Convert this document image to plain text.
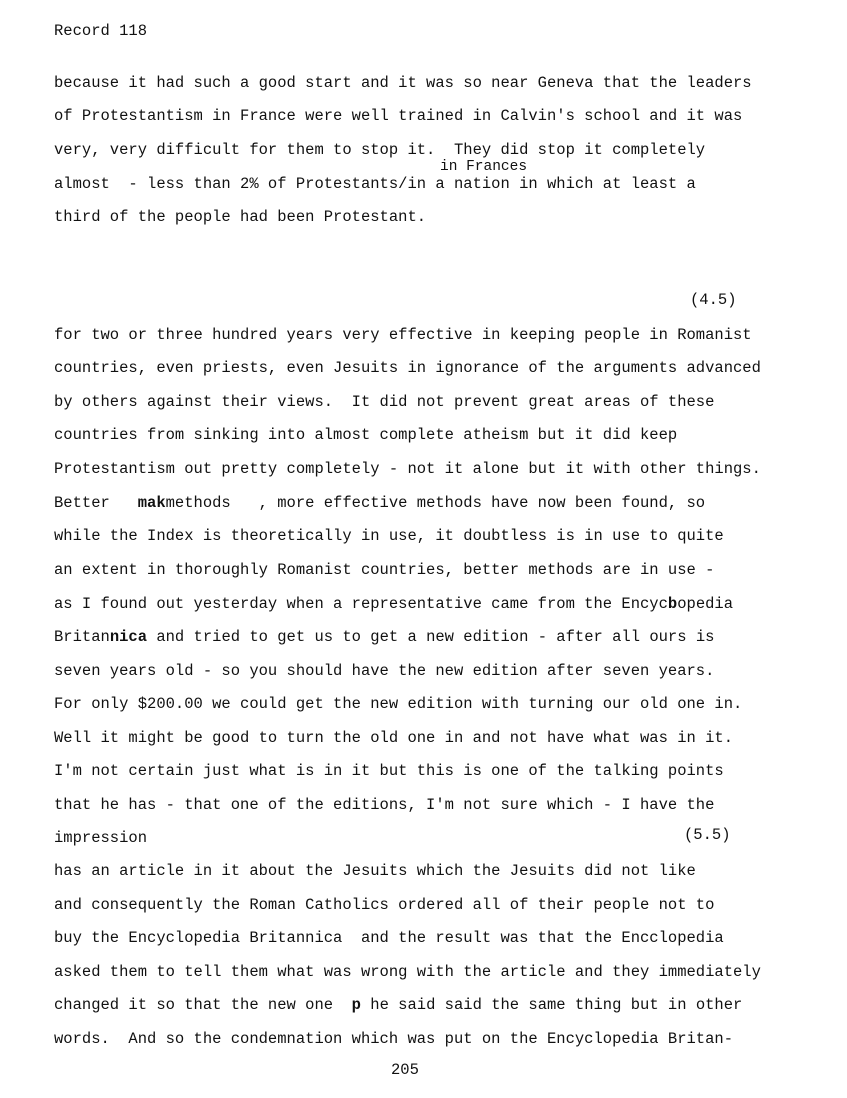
Record 118
because it had such a good start and it was so near Geneva that the leaders
of Protestantism in France were well trained in Calvin's school and it was
very, very difficult for them to stop it.  They did stop it completely
in Frances
almost  - less than 2% of Protestants/in a nation in which at least a
third of the people had been Protestant.
(4.5)
for two or three hundred years very effective in keeping people in Romanist
countries, even priests, even Jesuits in ignorance of the arguments advanced
by others against their views.  It did not prevent great areas of these
countries from sinking into almost complete atheism but it did keep
Protestantism out pretty completely - not it alone but it with other things.
Better makmethods   , more effective methods have now been found, so
while the Index is theoretically in use, it doubtless is in use to quite
an extent in thoroughly Romanist countries, better methods are in use -
as I found out yesterday when a representative came from the Encycbopedia
Britannica and tried to get us to get a new edition - after all ours is
seven years old - so you should have the new edition after seven years.
For only $200.00 we could get the new edition with turning our old one in.
Well it might be good to turn the old one in and not have what was in it.
I'm not certain just what is in it but this is one of the talking points
that he has - that one of the editions, I'm not sure which - I have the
impression	(5.5)
has an article in it about the Jesuits which the Jesuits did not like
and consequently the Roman Catholics ordered all of their people not to
buy the Encyclopedia Britannica  and the result was that the Encclopedia
asked them to tell them what was wrong with the article and they immediately
changed it so that the new one p he said said the same thing but in other
words.  And so the condemnation which was put on the Encyclopedia Britan-
205
